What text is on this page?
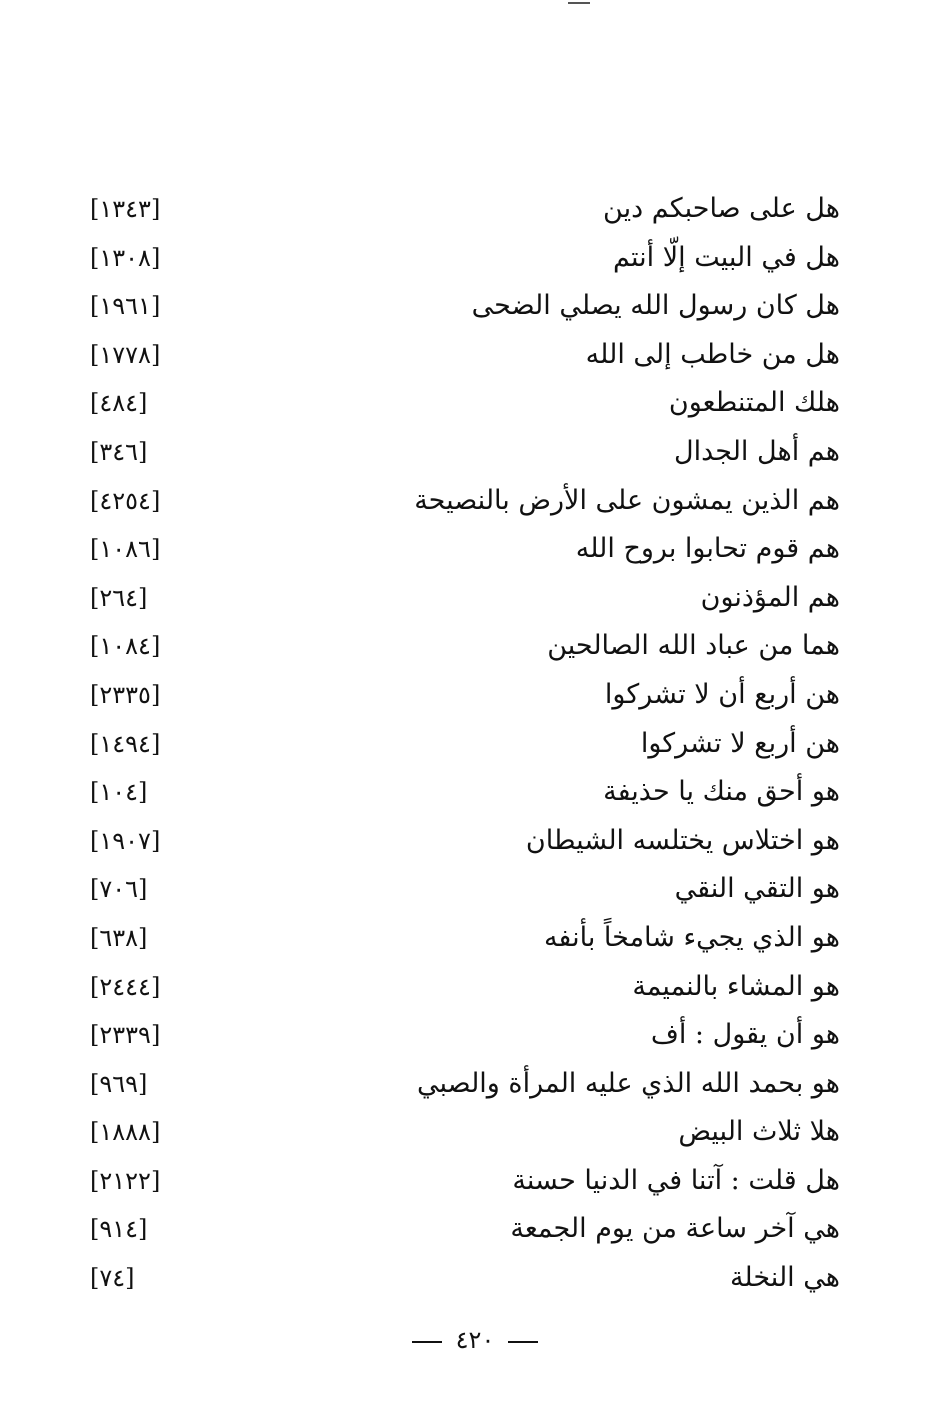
هل على صاحبكم دين
[١٣٤٣]
هل في البيت إلّا أنتم
[١٣٠٨]
هل كان رسول الله يصلي الضحى
[١٩٦١]
هل من خاطب إلى الله
[١٧٧٨]
هلك المتنطعون
[٤٨٤]
هم أهل الجدال
[٣٤٦]
هم الذين يمشون على الأرض بالنصيحة
[٤٢٥٤]
هم قوم تحابوا بروح الله
[١٠٨٦]
هم المؤذنون
[٢٦٤]
هما من عباد الله الصالحين
[١٠٨٤]
هن أربع أن لا تشركوا
[٢٣٣٥]
هن أربع لا تشركوا
[١٤٩٤]
هو أحق منك يا حذيفة
[١٠٤]
هو اختلاس يختلسه الشيطان
[١٩٠٧]
هو التقي النقي
[٧٠٦]
هو الذي يجيء شامخاً بأنفه
[٦٣٨]
هو المشاء بالنميمة
[٢٤٤٤]
هو أن يقول : أف
[٢٣٣٩]
هو بحمد الله الذي عليه المرأة والصبي
[٩٦٩]
هلا ثلاث البيض
[١٨٨٨]
هل قلت : آتنا في الدنيا حسنة
[٢١٢٢]
هي آخر ساعة من يوم الجمعة
[٩١٤]
هي النخلة
[٧٤]
٤٢٠
